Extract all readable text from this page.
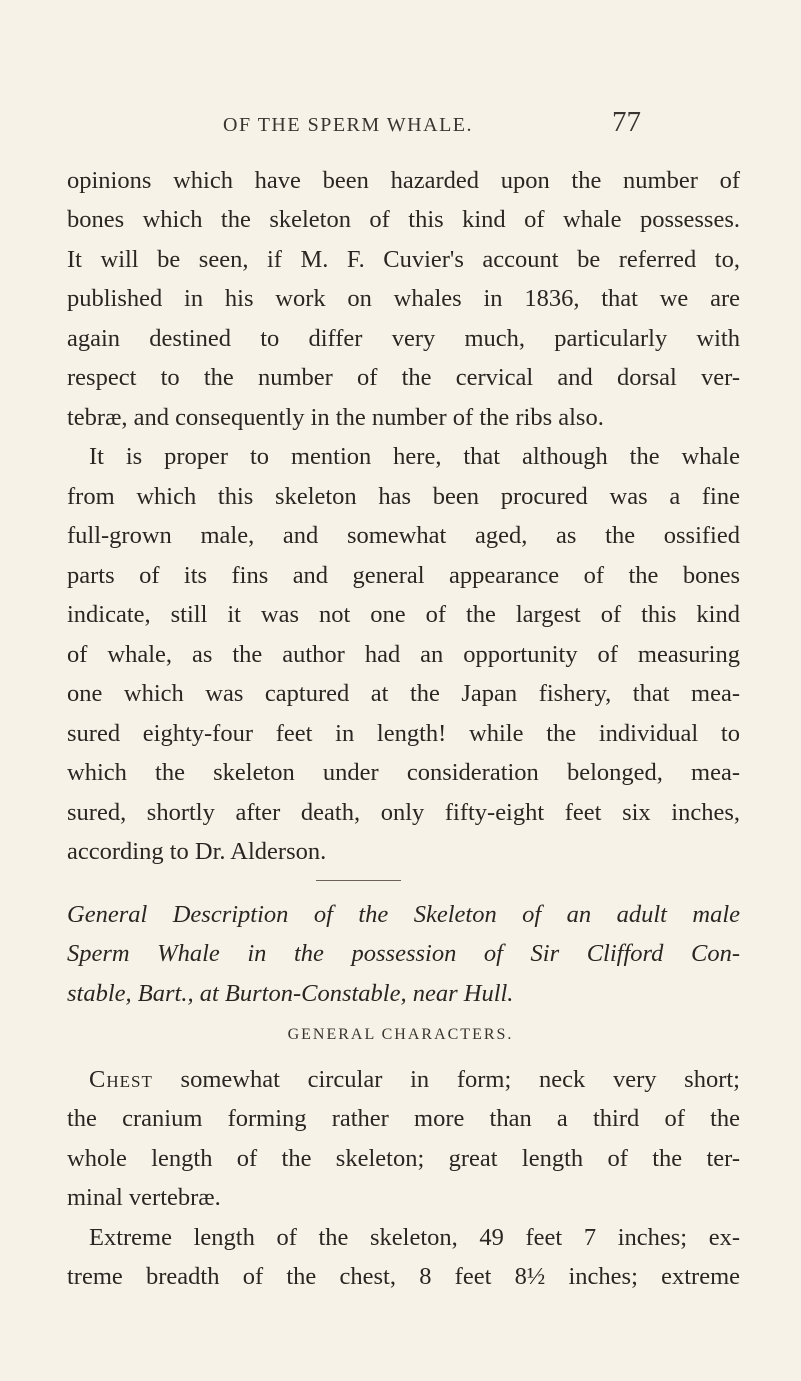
OF THE SPERM WHALE.	77
opinions which have been hazarded upon the number of
bones which the skeleton of this kind of whale possesses.
It will be seen, if M. F. Cuvier's account be referred to,
published in his work on whales in 1836, that we are
again destined to differ very much, particularly with
respect to the number of the cervical and dorsal ver-
tebræ, and consequently in the number of the ribs also.
It is proper to mention here, that although the whale
from which this skeleton has been procured was a fine
full-grown male, and somewhat aged, as the ossified
parts of its fins and general appearance of the bones
indicate, still it was not one of the largest of this kind
of whale, as the author had an opportunity of measuring
one which was captured at the Japan fishery, that mea-
sured eighty-four feet in length! while the individual to
which the skeleton under consideration belonged, mea-
sured, shortly after death, only fifty-eight feet six inches,
according to Dr. Alderson.
General Description of the Skeleton of an adult male
Sperm Whale in the possession of Sir Clifford Con-
stable, Bart., at Burton-Constable, near Hull.
GENERAL CHARACTERS.
Chest somewhat circular in form; neck very short;
the cranium forming rather more than a third of the
whole length of the skeleton; great length of the ter-
minal vertebræ.
Extreme length of the skeleton, 49 feet 7 inches; ex-
treme breadth of the chest, 8 feet 8½ inches; extreme
